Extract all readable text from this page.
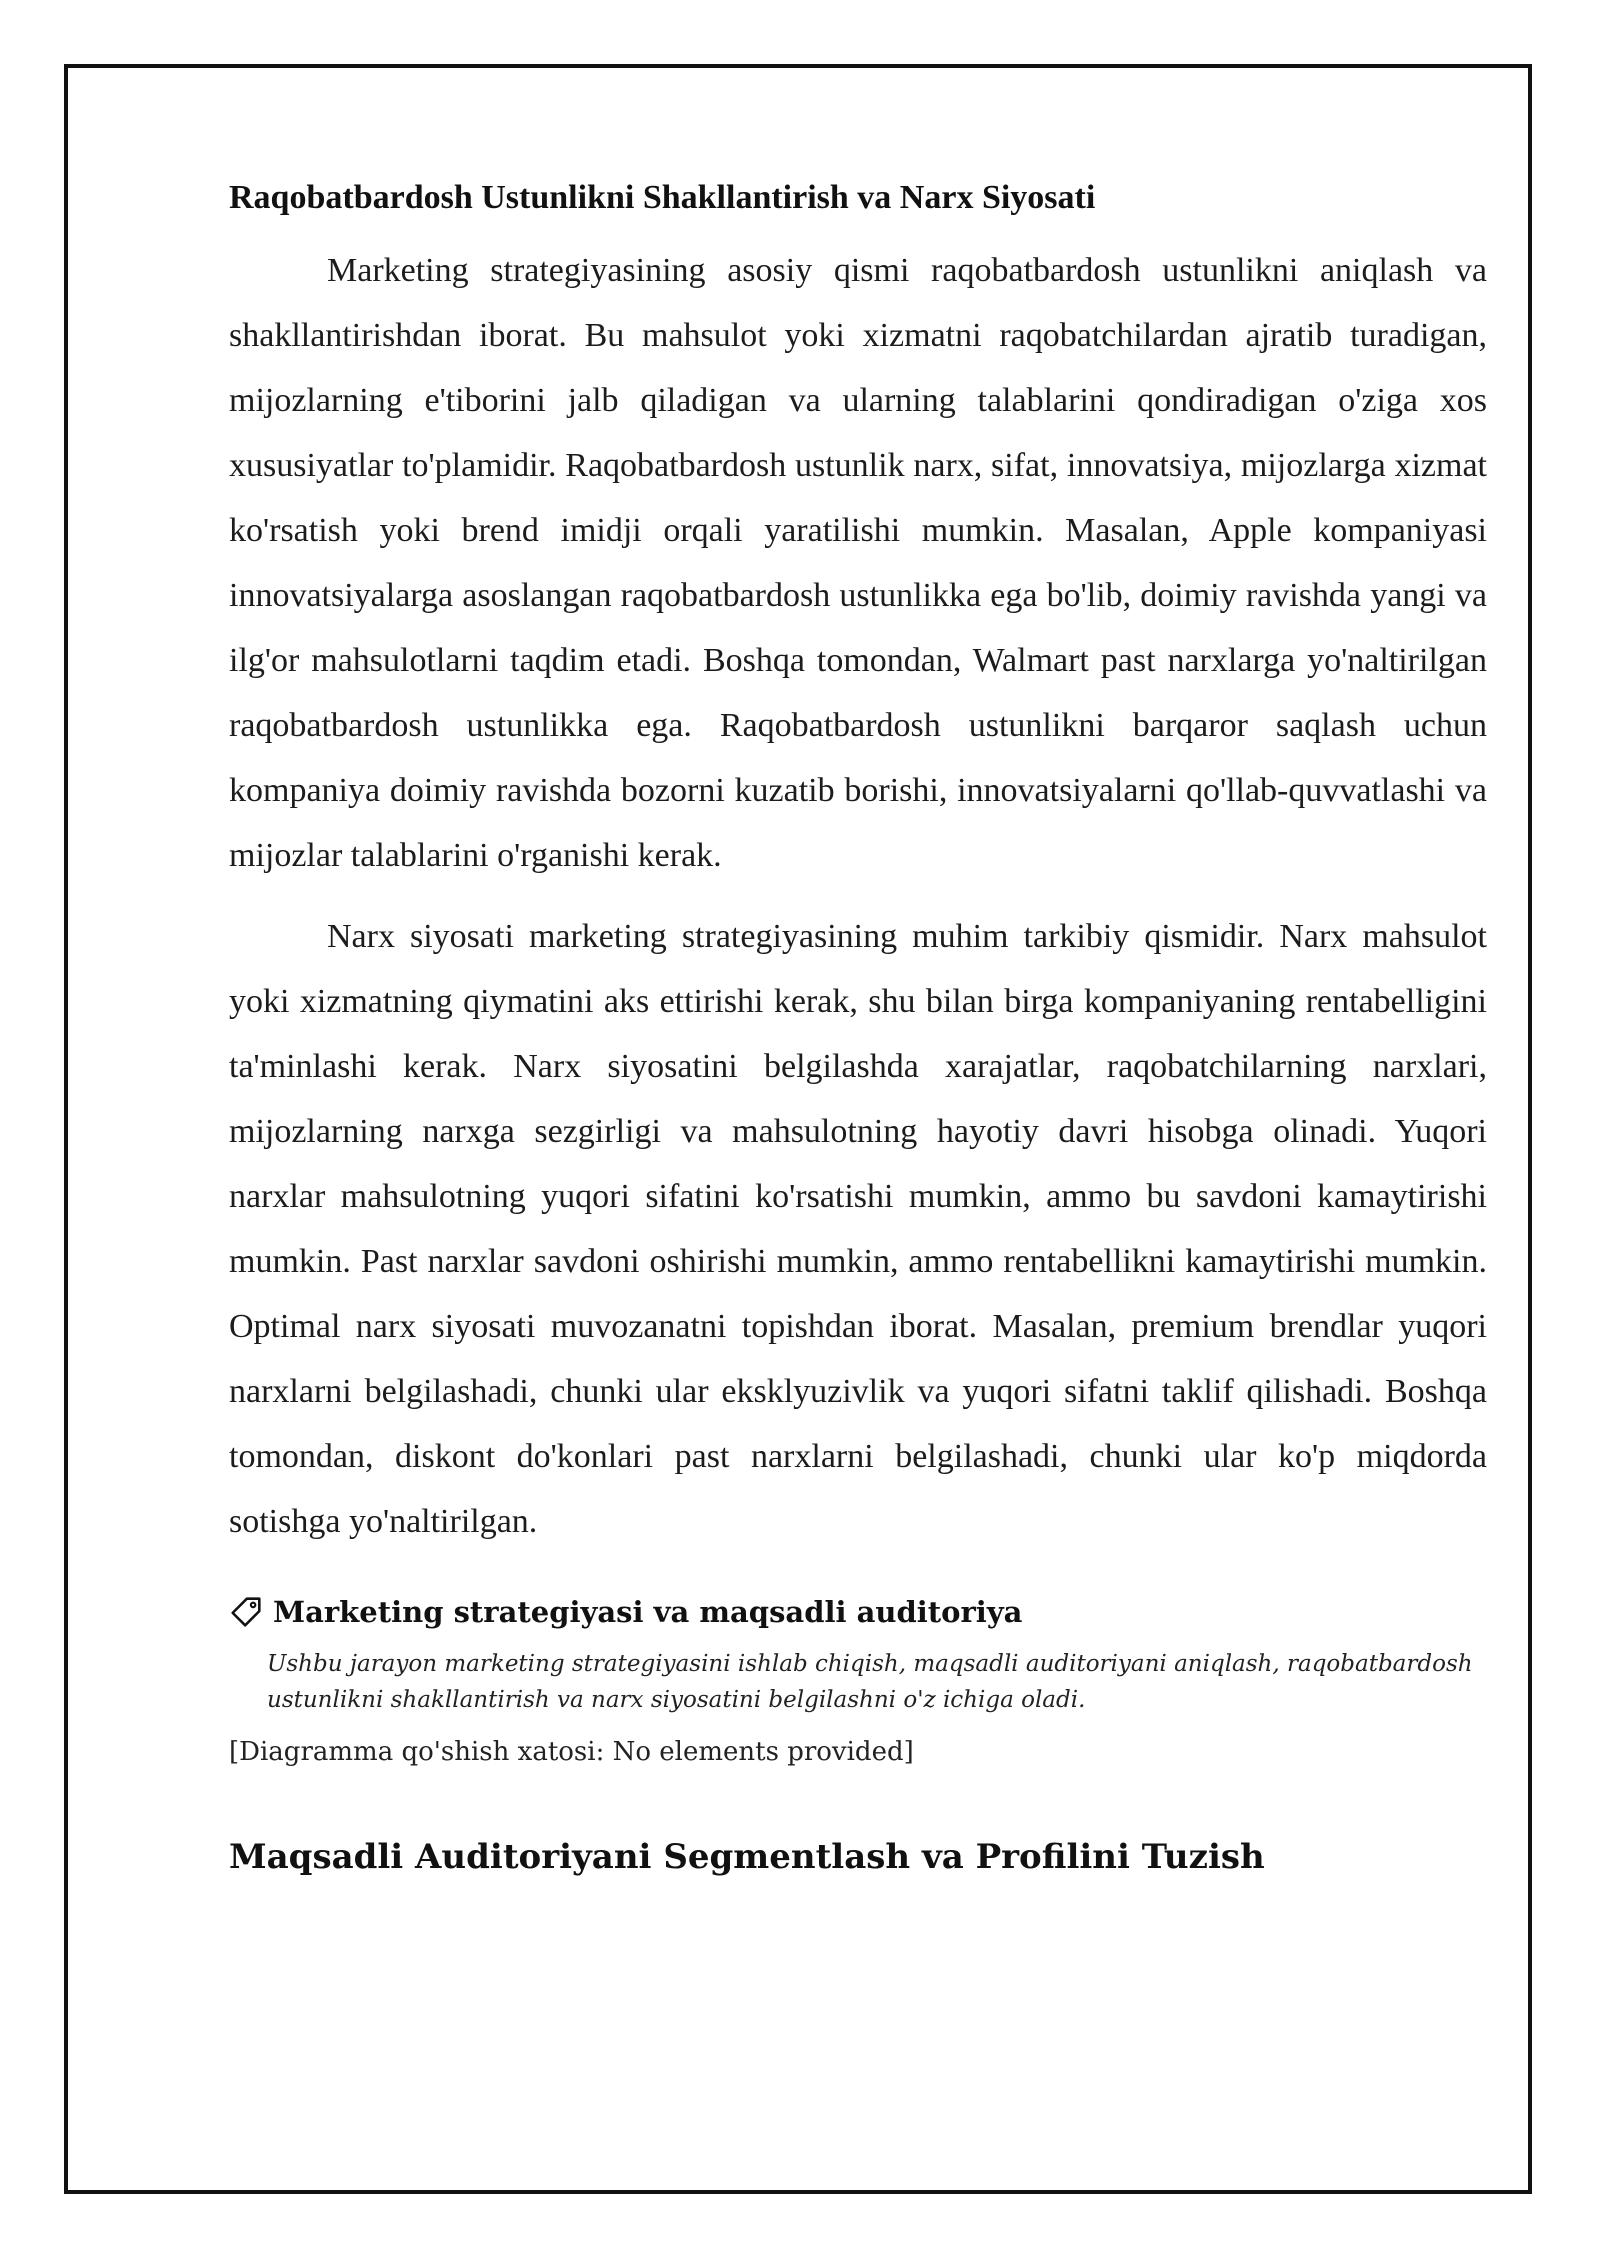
Raqobatbardosh Ustunlikni Shakllantirish va Narx Siyosati

Marketing strategiyasining asosiy qismi raqobatbardosh ustunlikni aniqlash va shakllantirishdan iborat. Bu mahsulot yoki xizmatni raqobatchilardan ajratib turadigan, mijozlarning e'tiborini jalb qiladigan va ularning talablarini qondiradigan o'ziga xos xususiyatlar to'plamidir. Raqobatbardosh ustunlik narx, sifat, innovatsiya, mijozlarga xizmat ko'rsatish yoki brend imidji orqali yaratilishi mumkin. Masalan, Apple kompaniyasi innovatsiyalarga asoslangan raqobatbardosh ustunlikka ega bo'lib, doimiy ravishda yangi va ilg'or mahsulotlarni taqdim etadi. Boshqa tomondan, Walmart past narxlarga yo'naltirilgan raqobatbardosh ustunlikka ega. Raqobatbardosh ustunlikni barqaror saqlash uchun kompaniya doimiy ravishda bozorni kuzatib borishi, innovatsiyalarni qo'llab-quvvatlashi va mijozlar talablarini o'rganishi kerak.

Narx siyosati marketing strategiyasining muhim tarkibiy qismidir. Narx mahsulot yoki xizmatning qiymatini aks ettirishi kerak, shu bilan birga kompaniyaning rentabelligini ta'minlashi kerak. Narx siyosatini belgilashda xarajatlar, raqobatchilarning narxlari, mijozlarning narxga sezgirligi va mahsulotning hayotiy davri hisobga olinadi. Yuqori narxlar mahsulotning yuqori sifatini ko'rsatishi mumkin, ammo bu savdoni kamaytirishi mumkin. Past narxlar savdoni oshirishi mumkin, ammo rentabellikni kamaytirishi mumkin. Optimal narx siyosati muvozanatni topishdan iborat. Masalan, premium brendlar yuqori narxlarni belgilashadi, chunki ular eksklyuzivlik va yuqori sifatni taklif qilishadi. Boshqa tomondan, diskont do'konlari past narxlarni belgilashadi, chunki ular ko'p miqdorda sotishga yo'naltirilgan.

Marketing strategiyasi va maqsadli auditoriya
Ushbu jarayon marketing strategiyasini ishlab chiqish, maqsadli auditoriyani aniqlash, raqobatbardosh ustunlikni shakllantirish va narx siyosatini belgilashni o'z ichiga oladi.
[Diagramma qo'shish xatosi: No elements provided]
Maqsadli Auditoriyani Segmentlash va Profilini Tuzish
